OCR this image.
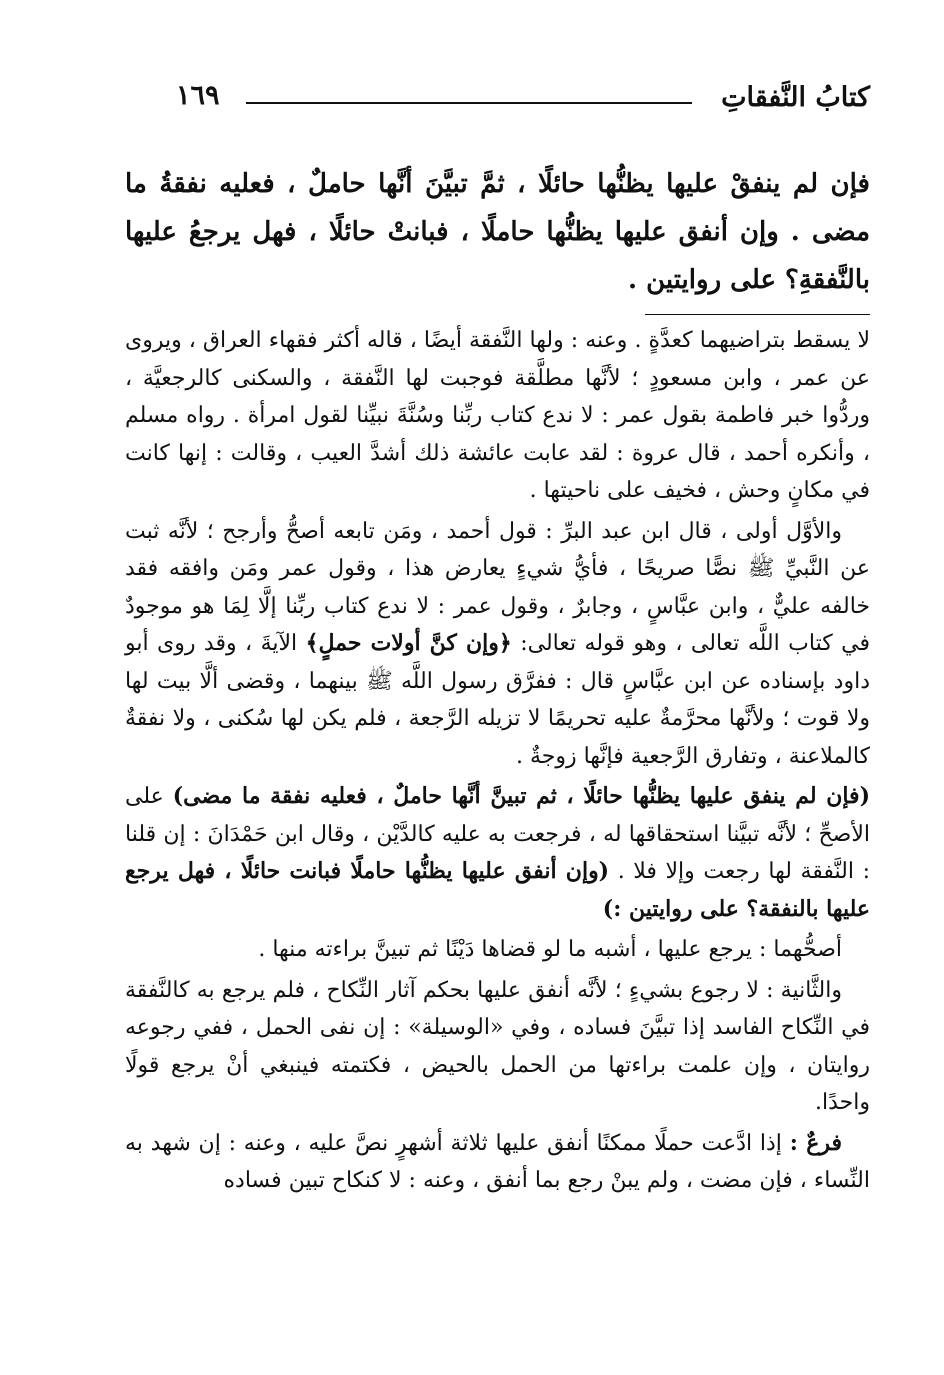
كتابُ النَّفقاتِ
١٦٩

فإن لم ينفقْ عليها يظنُّها حائلًا ، ثمَّ تبيَّنَ أنَّها حاملٌ ، فعليه نفقةُ ما مضى . وإن أنفق عليها يظنُّها حاملًا ، فبانتْ حائلًا ، فهل يرجعُ عليها بالنَّفقةِ؟ على روايتين .

لا يسقط بتراضيهما كعدَّةٍ . وعنه : ولها النَّفقة أيضًا ، قاله أكثر فقهاء العراق ، ويروى عن عمر ، وابن مسعودٍ ؛ لأنَّها مطلَّقة فوجبت لها النَّفقة ، والسكنى كالرجعيَّة ، وردُّوا خبر فاطمة بقول عمر : لا ندع كتاب ربِّنا وسُنَّةَ نبيِّنا لقول امرأة . رواه مسلم ، وأنكره أحمد ، قال عروة : لقد عابت عائشة ذلك أشدَّ العيب ، وقالت : إنها كانت في مكانٍ وحش ، فخيف على ناحيتها .

والأوَّل أولى ، قال ابن عبد البرِّ : قول أحمد ، ومَن تابعه أصحُّ وأرجح ؛ لأنَّه ثبت عن النَّبيِّ ﷺ نصًّا صريحًا ، فأيُّ شيءٍ يعارض هذا ، وقول عمر ومَن وافقه فقد خالفه عليٌّ ، وابن عبَّاسٍ ، وجابرٌ ، وقول عمر : لا ندع كتاب ربِّنا إلَّا لِمَا هو موجودٌ في كتاب اللَّه تعالى ، وهو قوله تعالى: ﴿وإن كنَّ أولات حملٍ﴾ الآيةَ ، وقد روى أبو داود بإسناده عن ابن عبَّاسٍ قال : ففرَّق رسول اللَّه ﷺ بينهما ، وقضى ألَّا بيت لها ولا قوت ؛ ولأنَّها محرَّمةٌ عليه تحريمًا لا تزيله الرَّجعة ، فلم يكن لها سُكنى ، ولا نفقةٌ كالملاعنة ، وتفارق الرَّجعية فإنَّها زوجةٌ .

(فإن لم ينفق عليها يظنُّها حائلًا ، ثم تبينَّ أنَّها حاملٌ ، فعليه نفقة ما مضى) على الأصحِّ ؛ لأنَّه تبيَّنا استحقاقها له ، فرجعت به عليه كالدَّيْن ، وقال ابن حَمْدَانَ : إن قلنا : النَّفقة لها رجعت وإلا فلا . (وإن أنفق عليها يظنُّها حاملًا فبانت حائلًا ، فهل يرجع عليها بالنفقة؟ على روايتين :)

أصحُّهما : يرجع عليها ، أشبه ما لو قضاها دَيْنًا ثم تبينَّ براءته منها .

والثَّانية : لا رجوع بشيءٍ ؛ لأنَّه أنفق عليها بحكم آثار النِّكاح ، فلم يرجع به كالنَّفقة في النِّكاح الفاسد إذا تبيَّنَ فساده ، وفي «الوسيلة» : إن نفى الحمل ، ففي رجوعه روايتان ، وإن علمت براءتها من الحمل بالحيض ، فكتمته فينبغي أنْ يرجع قولًا واحدًا.

فرعٌ : إذا ادَّعت حملًا ممكنًا أنفق عليها ثلاثة أشهرٍ نصَّ عليه ، وعنه : إن شهد به النِّساء ، فإن مضت ، ولم يبنْ رجع بما أنفق ، وعنه : لا كنكاح تبين فساده
